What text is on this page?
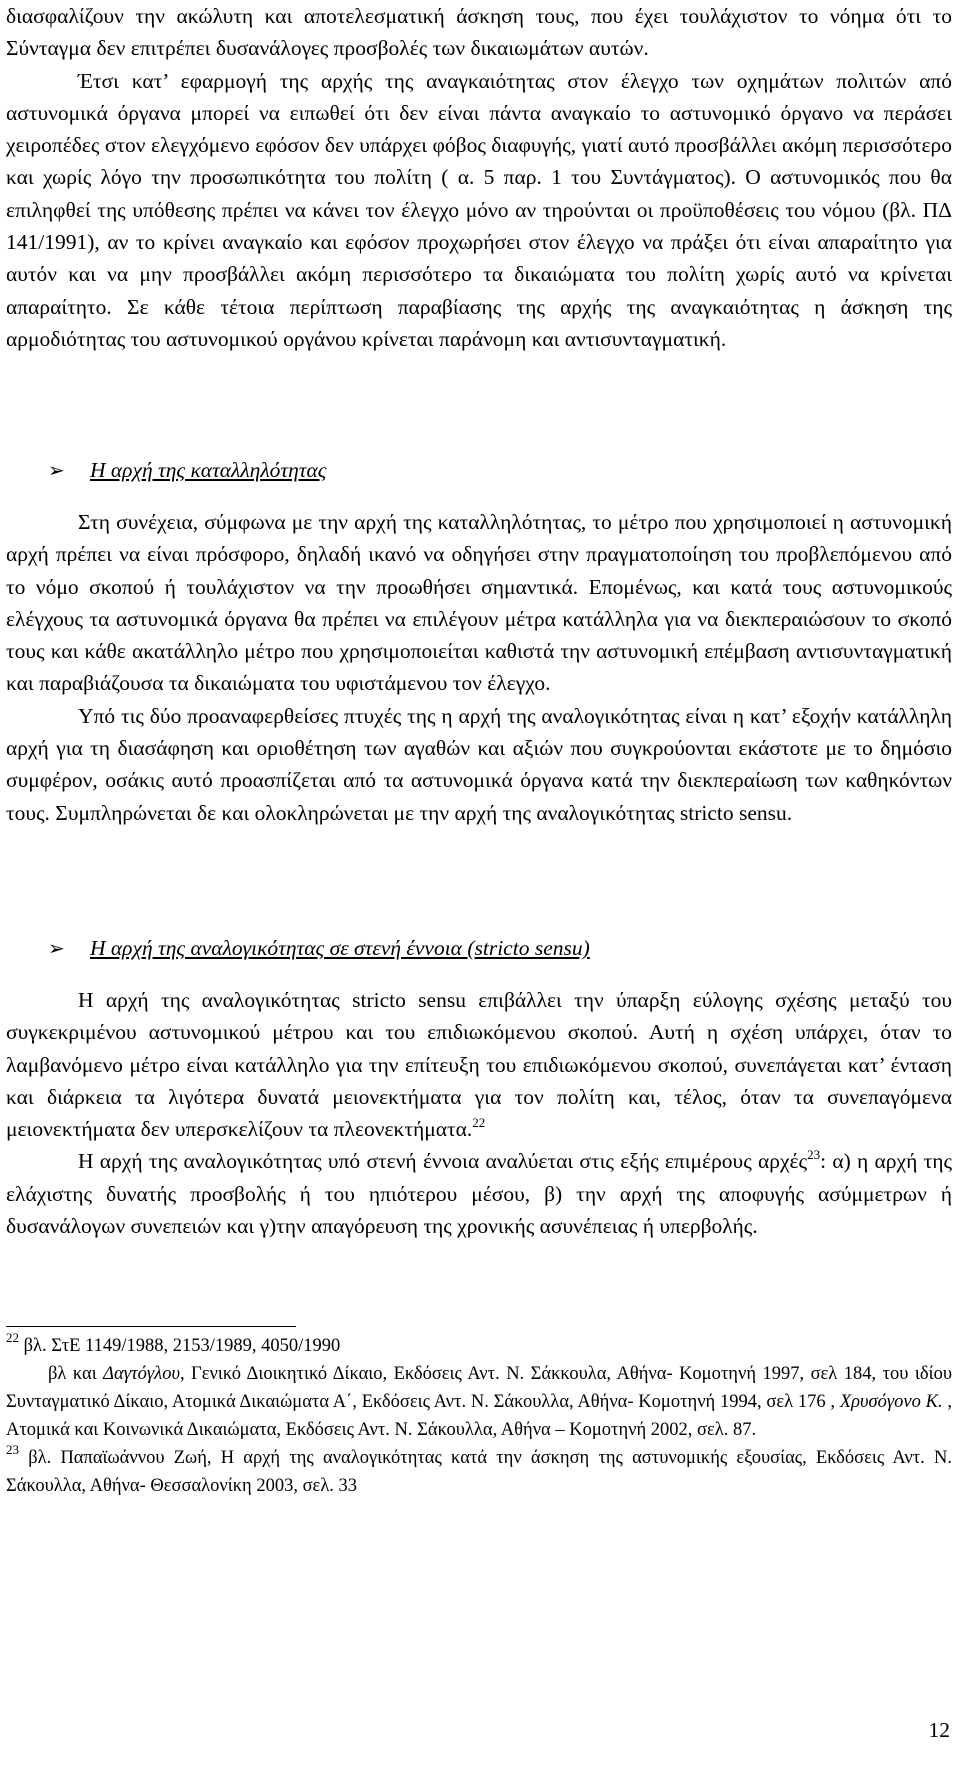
διασφαλίζουν την ακώλυτη και αποτελεσματική άσκηση τους, που έχει τουλάχιστον το νόημα ότι το Σύνταγμα δεν επιτρέπει δυσανάλογες προσβολές των δικαιωμάτων αυτών.

Έτσι κατ’ εφαρμογή της αρχής της αναγκαιότητας στον έλεγχο των οχημάτων πολιτών από αστυνομικά όργανα μπορεί να ειπωθεί ότι δεν είναι πάντα αναγκαίο το αστυνομικό όργανο να περάσει χειροπέδες στον ελεγχόμενο εφόσον δεν υπάρχει φόβος διαφυγής, γιατί αυτό προσβάλλει ακόμη περισσότερο και χωρίς λόγο την προσωπικότητα του πολίτη ( α. 5 παρ. 1 του Συντάγματος). Ο αστυνομικός που θα επιληφθεί της υπόθεσης πρέπει να κάνει τον έλεγχο μόνο αν τηρούνται οι προϋποθέσεις του νόμου (βλ. ΠΔ 141/1991), αν το κρίνει αναγκαίο και εφόσον προχωρήσει στον έλεγχο να πράξει ότι είναι απαραίτητο για αυτόν και να μην προσβάλλει ακόμη περισσότερο τα δικαιώματα του πολίτη χωρίς αυτό να κρίνεται απαραίτητο. Σε κάθε τέτοια περίπτωση παραβίασης της αρχής της αναγκαιότητας η άσκηση της αρμοδιότητας του αστυνομικού οργάνου κρίνεται παράνομη και αντισυνταγματική.

➢ Η αρχή της καταλληλότητας

Στη συνέχεια, σύμφωνα με την αρχή της καταλληλότητας, το μέτρο που χρησιμοποιεί η αστυνομική αρχή πρέπει να είναι πρόσφορο, δηλαδή ικανό να οδηγήσει στην πραγματοποίηση του προβλεπόμενου από το νόμο σκοπού ή τουλάχιστον να την προωθήσει σημαντικά. Επομένως, και κατά τους αστυνομικούς ελέγχους τα αστυνομικά όργανα θα πρέπει να επιλέγουν μέτρα κατάλληλα για να διεκπεραιώσουν το σκοπό τους και κάθε ακατάλληλο μέτρο που χρησιμοποιείται καθιστά την αστυνομική επέμβαση αντισυνταγματική και παραβιάζουσα τα δικαιώματα του υφιστάμενου τον έλεγχο.

Υπό τις δύο προαναφερθείσες πτυχές της η αρχή της αναλογικότητας είναι η κατ’ εξοχήν κατάλληλη αρχή για τη διασάφηση και οριοθέτηση των αγαθών και αξιών που συγκρούονται εκάστοτε με το δημόσιο συμφέρον, οσάκις αυτό προασπίζεται από τα αστυνομικά όργανα κατά την διεκπεραίωση των καθηκόντων τους. Συμπληρώνεται δε και ολοκληρώνεται με την αρχή της αναλογικότητας stricto sensu.

➢ Η αρχή της αναλογικότητας σε στενή έννοια (stricto sensu)

Η αρχή της αναλογικότητας stricto sensu επιβάλλει την ύπαρξη εύλογης σχέσης μεταξύ του συγκεκριμένου αστυνομικού μέτρου και του επιδιωκόμενου σκοπού. Αυτή η σχέση υπάρχει, όταν το λαμβανόμενο μέτρο είναι κατάλληλο για την επίτευξη του επιδιωκόμενου σκοπού, συνεπάγεται κατ’ ένταση και διάρκεια τα λιγότερα δυνατά μειονεκτήματα για τον πολίτη και, τέλος, όταν τα συνεπαγόμενα μειονεκτήματα δεν υπερσκελίζουν τα πλεονεκτήματα.$^{22}$

Η αρχή της αναλογικότητας υπό στενή έννοια αναλύεται στις εξής επιμέρους αρχές$^{23}$: α) η αρχή της ελάχιστης δυνατής προσβολής ή του ηπιότερου μέσου, β) την αρχή της αποφυγής ασύμμετρων ή δυσανάλογων συνεπειών και γ)την απαγόρευση της χρονικής ασυνέπειας ή υπερβολής.

$^{22}$ βλ. ΣτΕ 1149/1988, 2153/1989, 4050/1990

βλ και Δαγτόγλου, Γενικό Διοικητικό Δίκαιο, Εκδόσεις Αντ. Ν. Σάκκουλα, Αθήνα- Κομοτηνή 1997, σελ 184, του ιδίου Συνταγματικό Δίκαιο, Ατομικά Δικαιώματα Α΄, Εκδόσεις Αντ. Ν. Σάκουλλα, Αθήνα- Κομοτηνή 1994, σελ 176 , Χρυσόγονο Κ. , Ατομικά και Κοινωνικά Δικαιώματα, Εκδόσεις Αντ. Ν. Σάκουλλα, Αθήνα – Κομοτηνή 2002, σελ. 87.

$^{23}$ βλ. Παπαϊωάννου Ζωή, Η αρχή της αναλογικότητας κατά την άσκηση της αστυνομικής εξουσίας, Εκδόσεις Αντ. Ν. Σάκουλλα, Αθήνα- Θεσσαλονίκη 2003, σελ. 33

12
